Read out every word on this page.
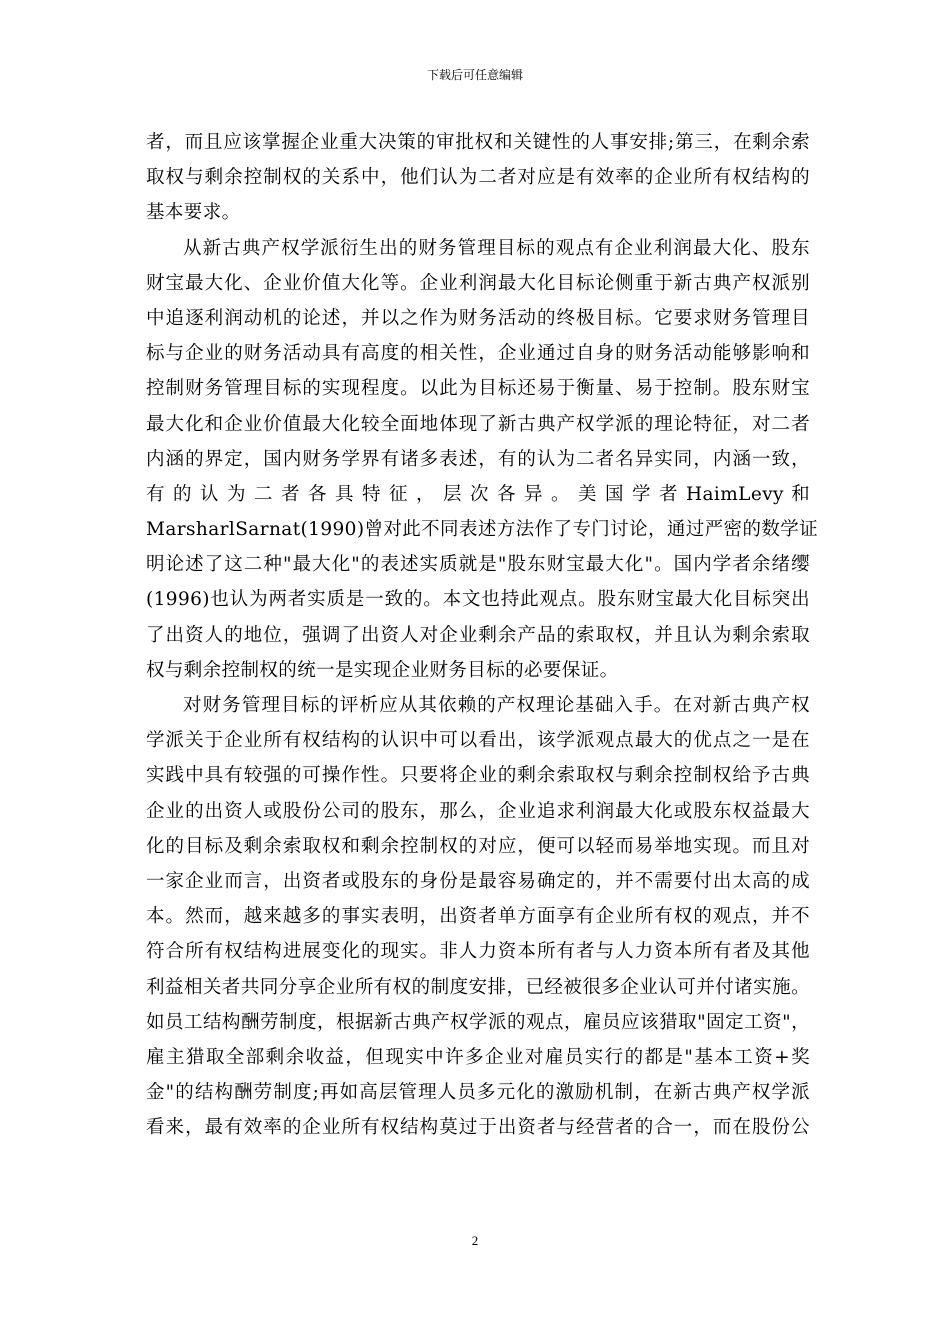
下载后可任意编辑
者，而且应该掌握企业重大决策的审批权和关键性的人事安排;第三，在剩余索
取权与剩余控制权的关系中，他们认为二者对应是有效率的企业所有权结构的
基本要求。
从新古典产权学派衍生出的财务管理目标的观点有企业利润最大化、股东
财宝最大化、企业价值大化等。企业利润最大化目标论侧重于新古典产权派别
中追逐利润动机的论述，并以之作为财务活动的终极目标。它要求财务管理目
标与企业的财务活动具有高度的相关性，企业通过自身的财务活动能够影响和
控制财务管理目标的实现程度。以此为目标还易于衡量、易于控制。股东财宝
最大化和企业价值最大化较全面地体现了新古典产权学派的理论特征，对二者
内涵的界定，国内财务学界有诸多表述，有的认为二者名异实同，内涵一致，
有 的 认 为 二 者 各 具 特 征 ， 层 次 各 异 。 美 国 学 者 HaimLevy 和
MarsharlSarnat(1990)曾对此不同表述方法作了专门讨论，通过严密的数学证
明论述了这二种"最大化"的表述实质就是"股东财宝最大化"。国内学者余绪缨
(1996)也认为两者实质是一致的。本文也持此观点。股东财宝最大化目标突出
了出资人的地位，强调了出资人对企业剩余产品的索取权，并且认为剩余索取
权与剩余控制权的统一是实现企业财务目标的必要保证。
对财务管理目标的评析应从其依赖的产权理论基础入手。在对新古典产权
学派关于企业所有权结构的认识中可以看出，该学派观点最大的优点之一是在
实践中具有较强的可操作性。只要将企业的剩余索取权与剩余控制权给予古典
企业的出资人或股份公司的股东，那么，企业追求利润最大化或股东权益最大
化的目标及剩余索取权和剩余控制权的对应，便可以轻而易举地实现。而且对
一家企业而言，出资者或股东的身份是最容易确定的，并不需要付出太高的成
本。然而，越来越多的事实表明，出资者单方面享有企业所有权的观点，并不
符合所有权结构进展变化的现实。非人力资本所有者与人力资本所有者及其他
利益相关者共同分享企业所有权的制度安排，已经被很多企业认可并付诸实施。
如员工结构酬劳制度，根据新古典产权学派的观点，雇员应该猎取"固定工资"，
雇主猎取全部剩余收益，但现实中许多企业对雇员实行的都是"基本工资+奖
金"的结构酬劳制度;再如高层管理人员多元化的激励机制，在新古典产权学派
看来，最有效率的企业所有权结构莫过于出资者与经营者的合一，而在股份公
2
